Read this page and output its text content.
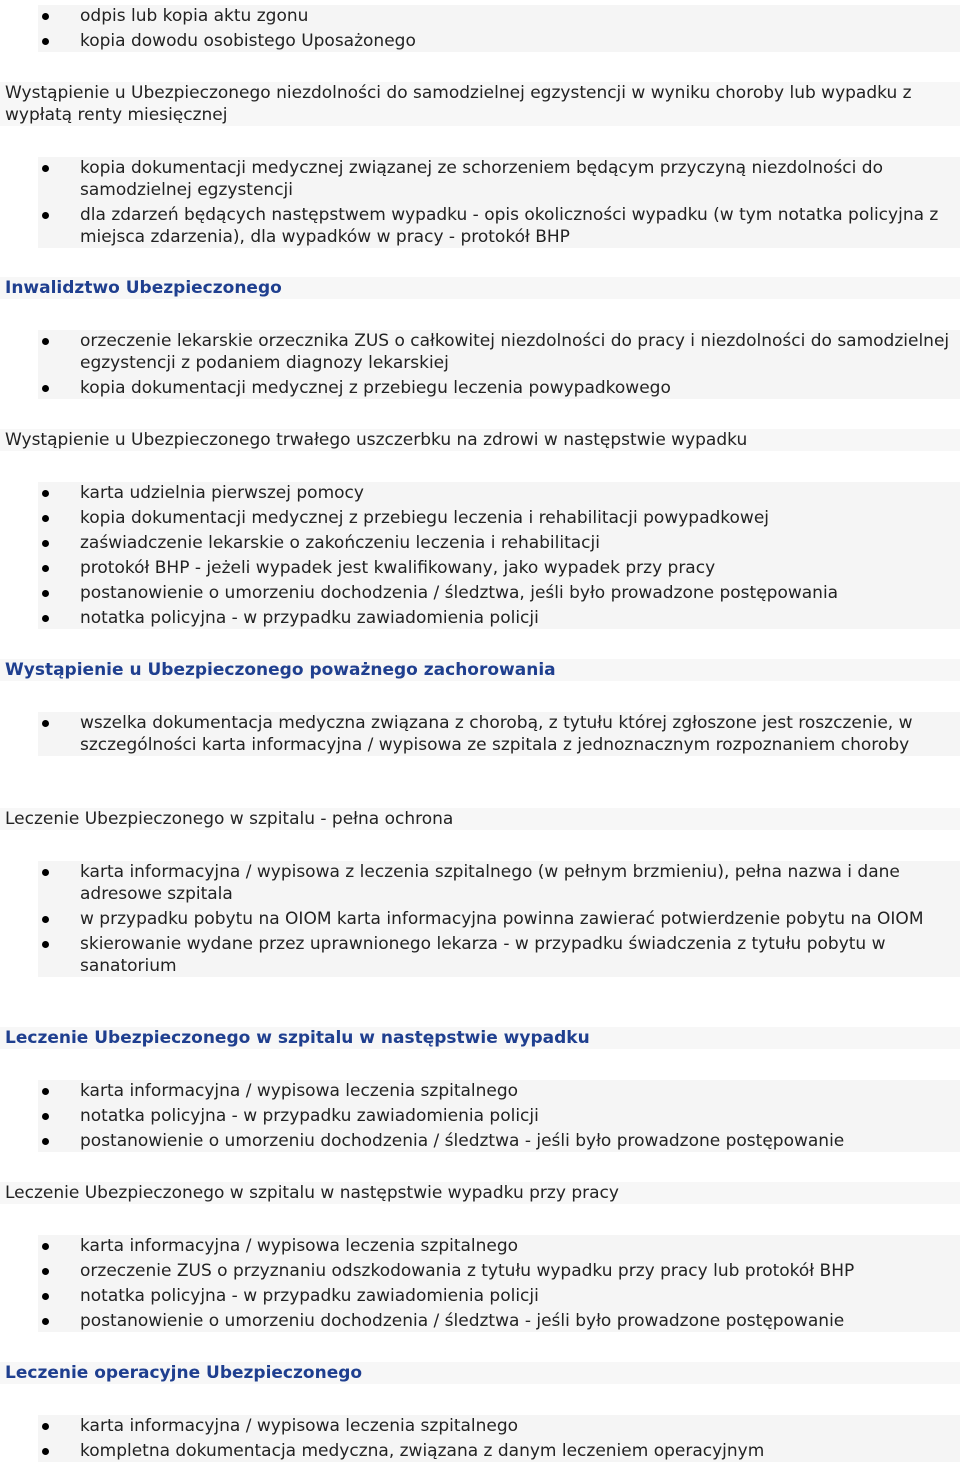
odpis lub kopia aktu zgonu
kopia dowodu osobistego Uposażonego
Wystąpienie u Ubezpieczonego niezdolności do samodzielnej egzystencji w wyniku choroby lub wypadku z wypłatą renty miesięcznej
kopia dokumentacji medycznej związanej ze schorzeniem będącym przyczyną niezdolności do samodzielnej egzystencji
dla zdarzeń będących następstwem wypadku - opis okoliczności wypadku (w tym notatka policyjna z miejsca zdarzenia), dla wypadków w pracy - protokół BHP
Inwalidztwo Ubezpieczonego
orzeczenie lekarskie orzecznika ZUS o całkowitej niezdolności do pracy i niezdolności do samodzielnej egzystencji z podaniem diagnozy lekarskiej
kopia dokumentacji medycznej z przebiegu leczenia powypadkowego
Wystąpienie u Ubezpieczonego trwałego uszczerbku na zdrowi w następstwie wypadku
karta udzielnia pierwszej pomocy
kopia dokumentacji medycznej z przebiegu leczenia i rehabilitacji powypadkowej
zaświadczenie lekarskie o zakończeniu leczenia i rehabilitacji
protokół BHP - jeżeli wypadek jest kwalifikowany, jako wypadek przy pracy
postanowienie o umorzeniu dochodzenia / śledztwa, jeśli było prowadzone postępowania
notatka policyjna - w przypadku zawiadomienia policji
Wystąpienie u Ubezpieczonego poważnego zachorowania
wszelka dokumentacja medyczna związana z chorobą, z tytułu której zgłoszone jest roszczenie, w szczególności karta informacyjna / wypisowa ze szpitala z jednoznacznym rozpoznaniem choroby
Leczenie Ubezpieczonego w szpitalu - pełna ochrona
karta informacyjna / wypisowa z leczenia szpitalnego (w pełnym brzmieniu), pełna nazwa i dane adresowe szpitala
w przypadku pobytu na OIOM karta informacyjna powinna zawierać potwierdzenie pobytu na OIOM
skierowanie wydane przez uprawnionego lekarza - w przypadku świadczenia z tytułu pobytu w sanatorium
Leczenie Ubezpieczonego w szpitalu w następstwie wypadku
karta informacyjna / wypisowa leczenia szpitalnego
notatka policyjna - w przypadku zawiadomienia policji
postanowienie o umorzeniu dochodzenia / śledztwa - jeśli było prowadzone postępowanie
Leczenie Ubezpieczonego w szpitalu w następstwie wypadku przy pracy
karta informacyjna / wypisowa leczenia szpitalnego
orzeczenie ZUS o przyznaniu odszkodowania z tytułu wypadku przy pracy lub protokół BHP
notatka policyjna - w przypadku zawiadomienia policji
postanowienie o umorzeniu dochodzenia / śledztwa - jeśli było prowadzone postępowanie
Leczenie operacyjne Ubezpieczonego
karta informacyjna / wypisowa leczenia szpitalnego
kompletna dokumentacja medyczna, związana z danym leczeniem operacyjnym
